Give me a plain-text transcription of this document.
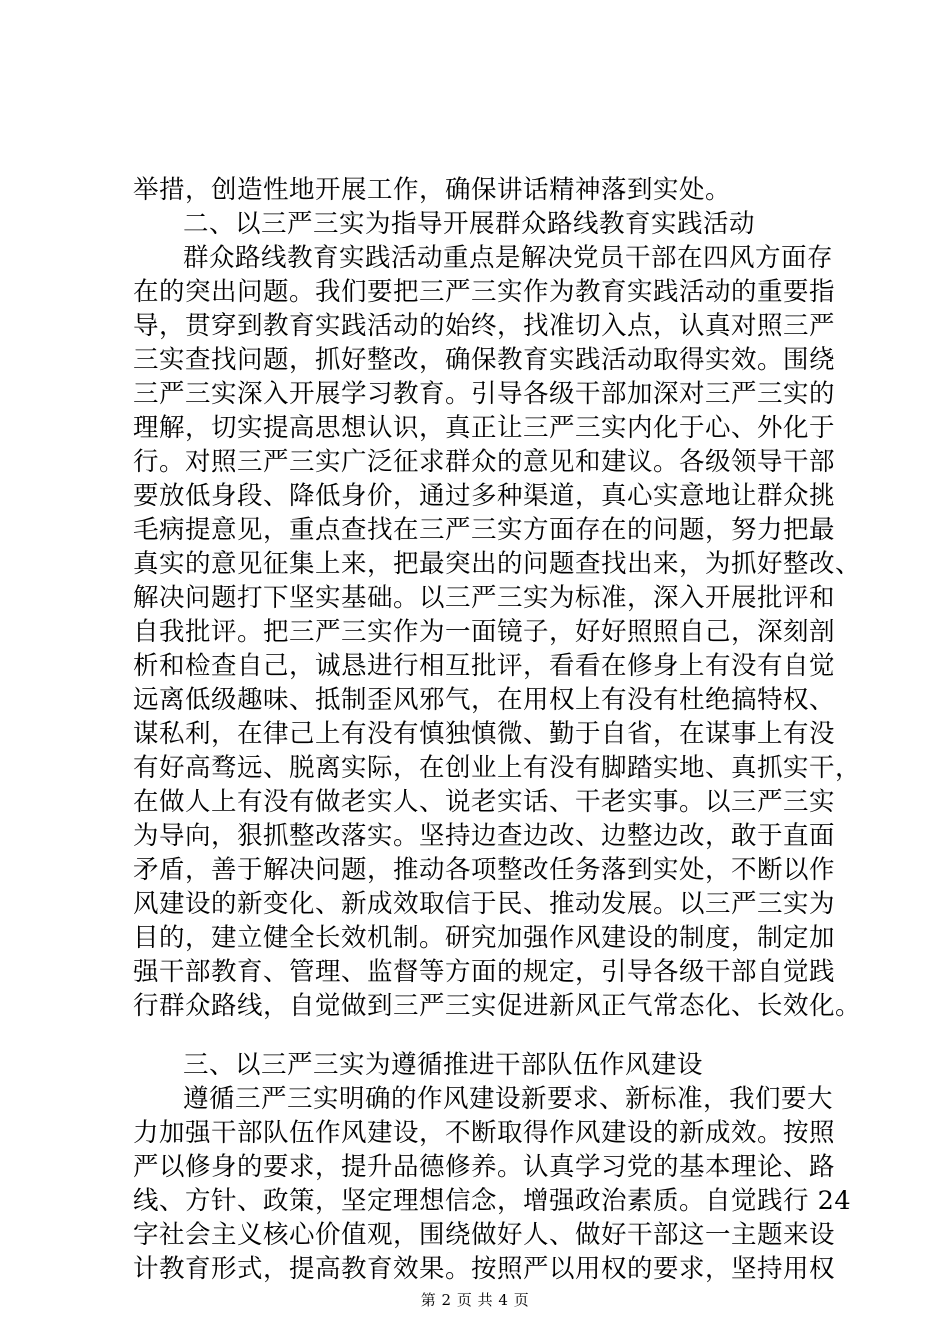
举措，创造性地开展工作，确保讲话精神落到实处。
二、以三严三实为指导开展群众路线教育实践活动
群众路线教育实践活动重点是解决党员干部在四风方面存
在的突出问题。我们要把三严三实作为教育实践活动的重要指
导，贯穿到教育实践活动的始终，找准切入点，认真对照三严
三实查找问题，抓好整改，确保教育实践活动取得实效。围绕
三严三实深入开展学习教育。引导各级干部加深对三严三实的
理解，切实提高思想认识，真正让三严三实内化于心、外化于
行。对照三严三实广泛征求群众的意见和建议。各级领导干部
要放低身段、降低身价，通过多种渠道，真心实意地让群众挑
毛病提意见，重点查找在三严三实方面存在的问题，努力把最
真实的意见征集上来，把最突出的问题查找出来，为抓好整改、
解决问题打下坚实基础。以三严三实为标准，深入开展批评和
自我批评。把三严三实作为一面镜子，好好照照自己，深刻剖
析和检查自己，诚恳进行相互批评，看看在修身上有没有自觉
远离低级趣味、抵制歪风邪气，在用权上有没有杜绝搞特权、
谋私利，在律己上有没有慎独慎微、勤于自省，在谋事上有没
有好高骛远、脱离实际，在创业上有没有脚踏实地、真抓实干，
在做人上有没有做老实人、说老实话、干老实事。以三严三实
为导向，狠抓整改落实。坚持边查边改、边整边改，敢于直面
矛盾，善于解决问题，推动各项整改任务落到实处，不断以作
风建设的新变化、新成效取信于民、推动发展。以三严三实为
目的，建立健全长效机制。研究加强作风建设的制度，制定加
强干部教育、管理、监督等方面的规定，引导各级干部自觉践
行群众路线，自觉做到三严三实促进新风正气常态化、长效化。
三、以三严三实为遵循推进干部队伍作风建设
遵循三严三实明确的作风建设新要求、新标准，我们要大
力加强干部队伍作风建设，不断取得作风建设的新成效。按照
严以修身的要求，提升品德修养。认真学习党的基本理论、路
线、方针、政策，坚定理想信念，增强政治素质。自觉践行 24
字社会主义核心价值观，围绕做好人、做好干部这一主题来设
计教育形式，提高教育效果。按照严以用权的要求，坚持用权
第 2 页 共 4 页
